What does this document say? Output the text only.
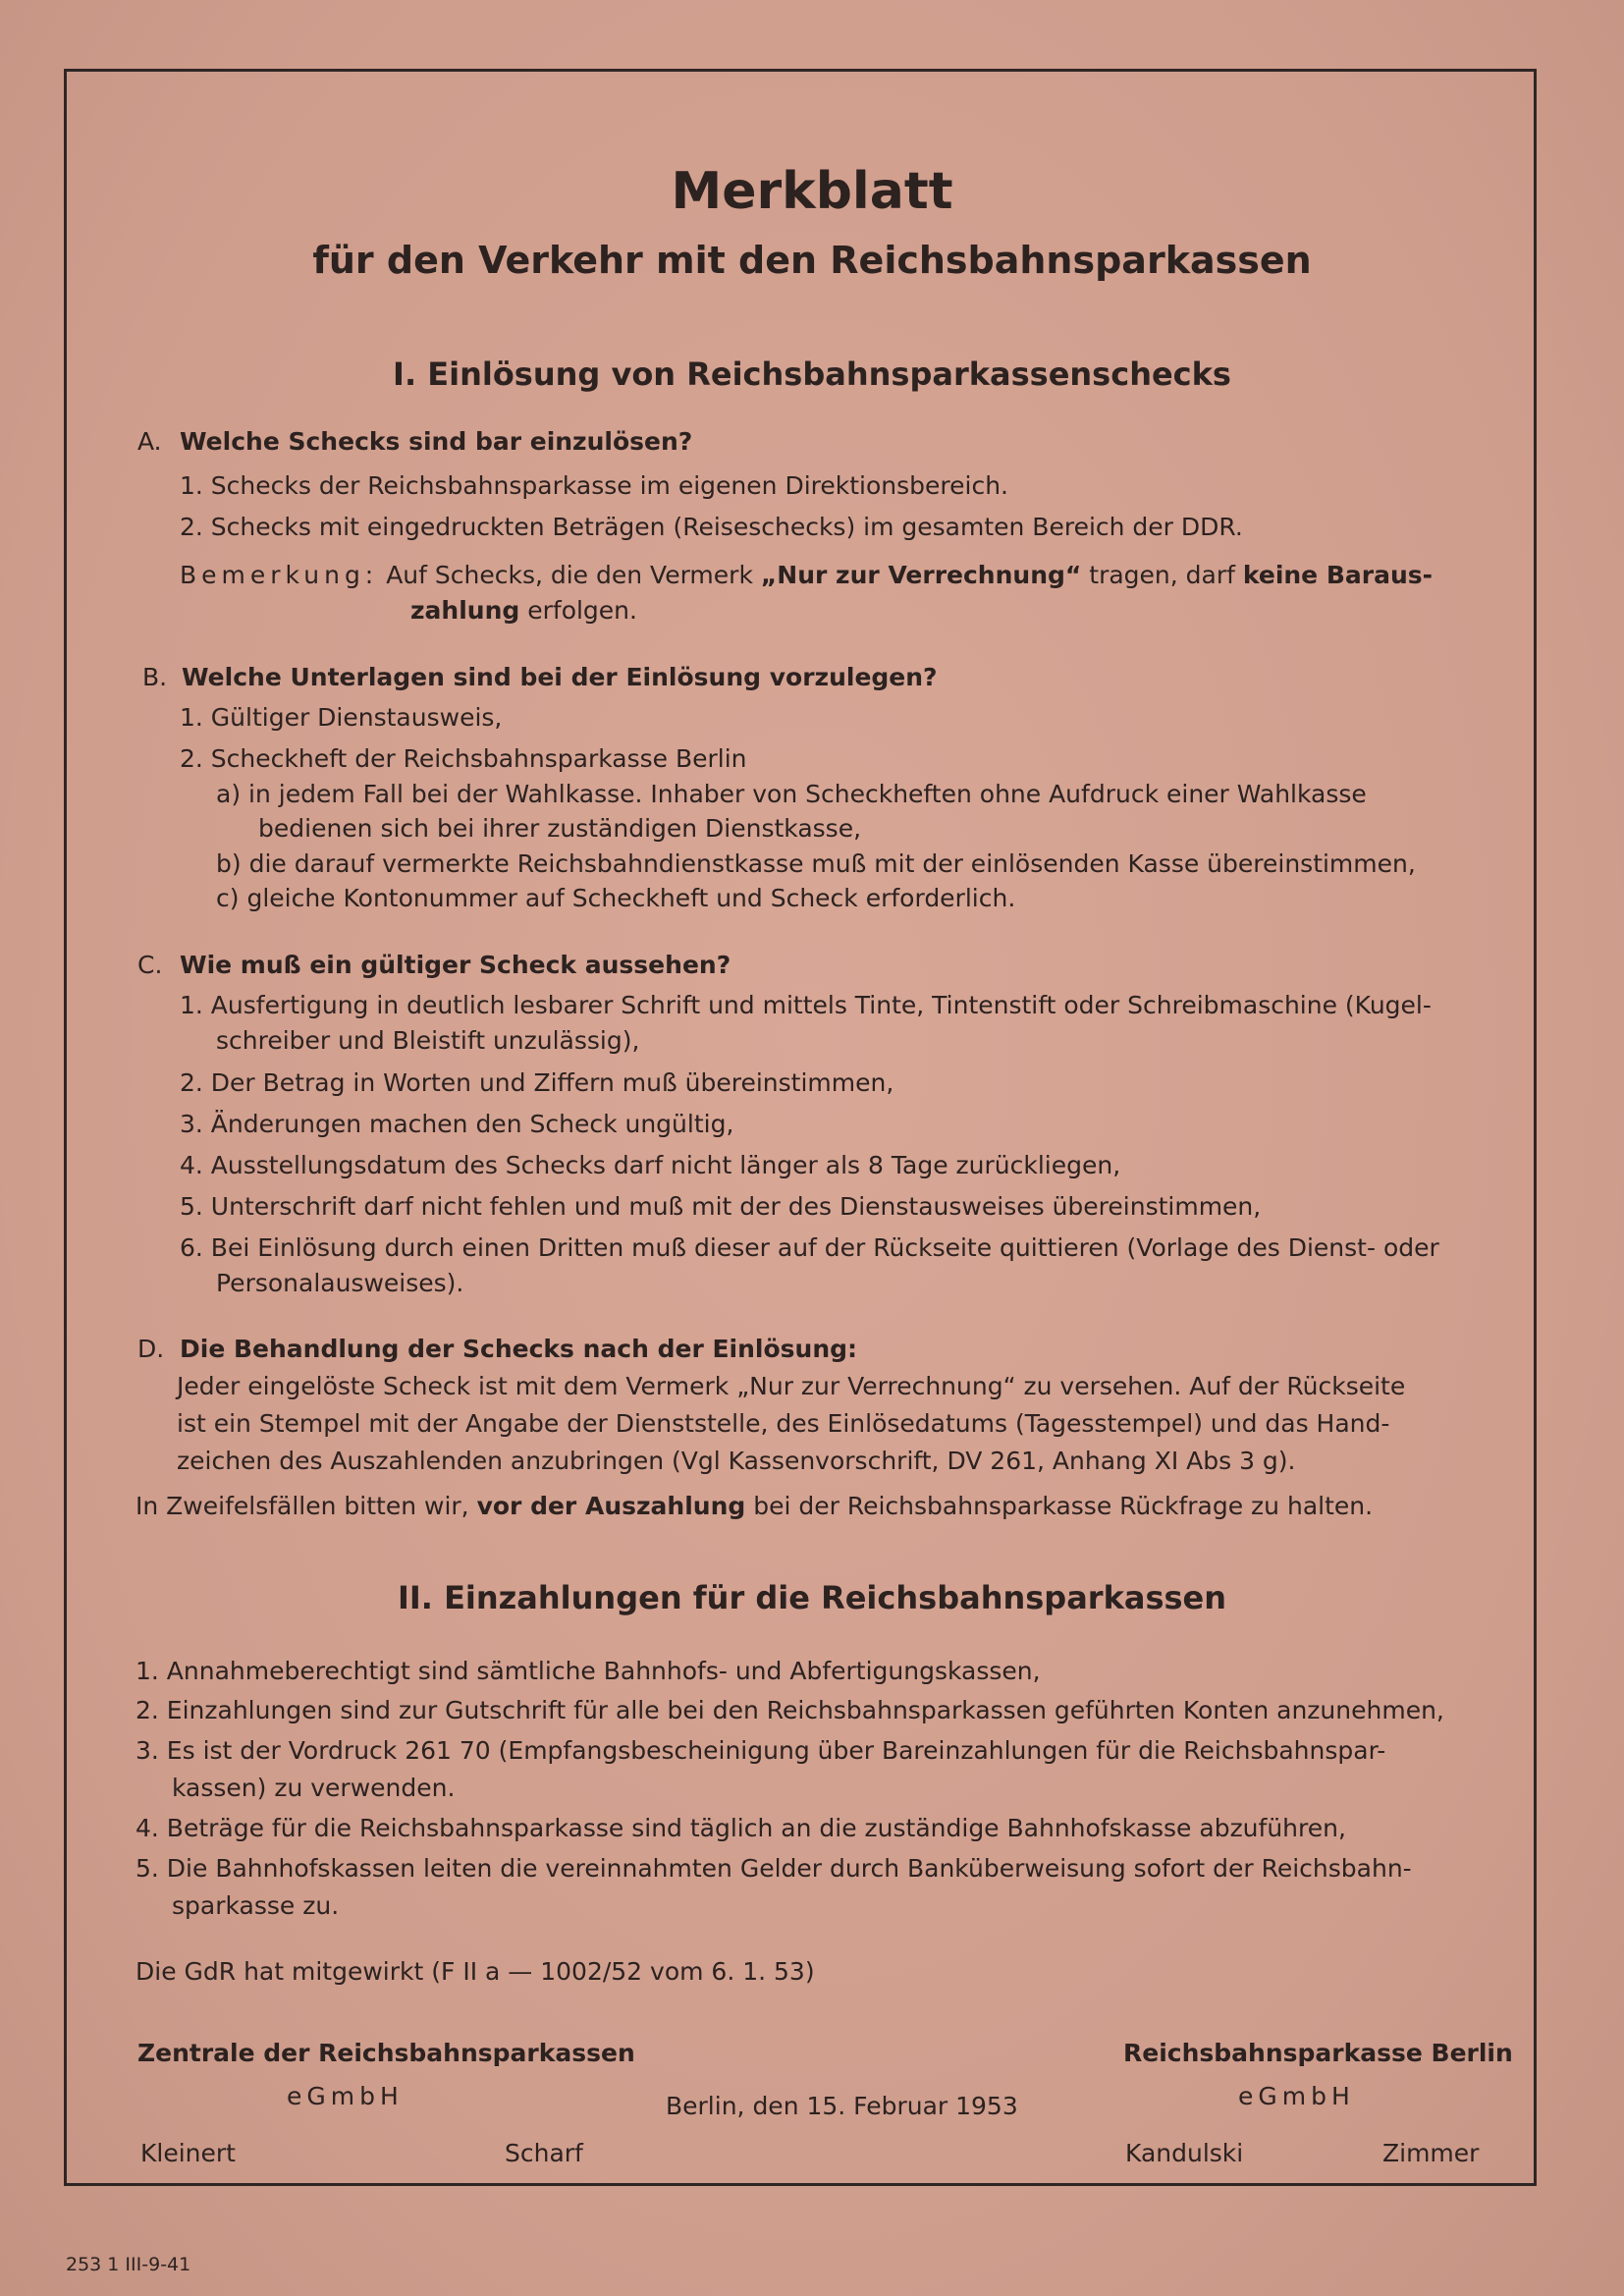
Merkblatt
für den Verkehr mit den Reichsbahnsparkassen
I. Einlösung von Reichsbahnsparkassenschecks
A. Welche Schecks sind bar einzulösen?
1. Schecks der Reichsbahnsparkasse im eigenen Direktionsbereich.
2. Schecks mit eingedruckten Beträgen (Reiseschecks) im gesamten Bereich der DDR.
Bemerkung: Auf Schecks, die den Vermerk „Nur zur Verrechnung“ tragen, darf keine Baraus-
zahlung erfolgen.
B. Welche Unterlagen sind bei der Einlösung vorzulegen?
1. Gültiger Dienstausweis,
2. Scheckheft der Reichsbahnsparkasse Berlin
a) in jedem Fall bei der Wahlkasse. Inhaber von Scheckheften ohne Aufdruck einer Wahlkasse
bedienen sich bei ihrer zuständigen Dienstkasse,
b) die darauf vermerkte Reichsbahndienstkasse muß mit der einlösenden Kasse übereinstimmen,
c) gleiche Kontonummer auf Scheckheft und Scheck erforderlich.
C. Wie muß ein gültiger Scheck aussehen?
1. Ausfertigung in deutlich lesbarer Schrift und mittels Tinte, Tintenstift oder Schreibmaschine (Kugel-
schreiber und Bleistift unzulässig),
2. Der Betrag in Worten und Ziffern muß übereinstimmen,
3. Änderungen machen den Scheck ungültig,
4. Ausstellungsdatum des Schecks darf nicht länger als 8 Tage zurückliegen,
5. Unterschrift darf nicht fehlen und muß mit der des Dienstausweises übereinstimmen,
6. Bei Einlösung durch einen Dritten muß dieser auf der Rückseite quittieren (Vorlage des Dienst- oder
Personalausweises).
D. Die Behandlung der Schecks nach der Einlösung:
Jeder eingelöste Scheck ist mit dem Vermerk „Nur zur Verrechnung“ zu versehen. Auf der Rückseite
ist ein Stempel mit der Angabe der Dienststelle, des Einlösedatums (Tagesstempel) und das Hand-
zeichen des Auszahlenden anzubringen (Vgl Kassenvorschrift, DV 261, Anhang XI Abs 3 g).
In Zweifelsfällen bitten wir, vor der Auszahlung bei der Reichsbahnsparkasse Rückfrage zu halten.
II. Einzahlungen für die Reichsbahnsparkassen
1. Annahmeberechtigt sind sämtliche Bahnhofs- und Abfertigungskassen,
2. Einzahlungen sind zur Gutschrift für alle bei den Reichsbahnsparkassen geführten Konten anzunehmen,
3. Es ist der Vordruck 261 70 (Empfangsbescheinigung über Bareinzahlungen für die Reichsbahnspar-
kassen) zu verwenden.
4. Beträge für die Reichsbahnsparkasse sind täglich an die zuständige Bahnhofskasse abzuführen,
5. Die Bahnhofskassen leiten die vereinnahmten Gelder durch Banküberweisung sofort der Reichsbahn-
sparkasse zu.
Die GdR hat mitgewirkt (F II a — 1002/52 vom 6. 1. 53)
Zentrale der Reichsbahnsparkassen
eGmbH	Berlin, den 15. Februar 1953
Reichsbahnsparkasse Berlin
eGmbH
Kleinert	Scharf	Kandulski	Zimmer
253 1 III-9-41
